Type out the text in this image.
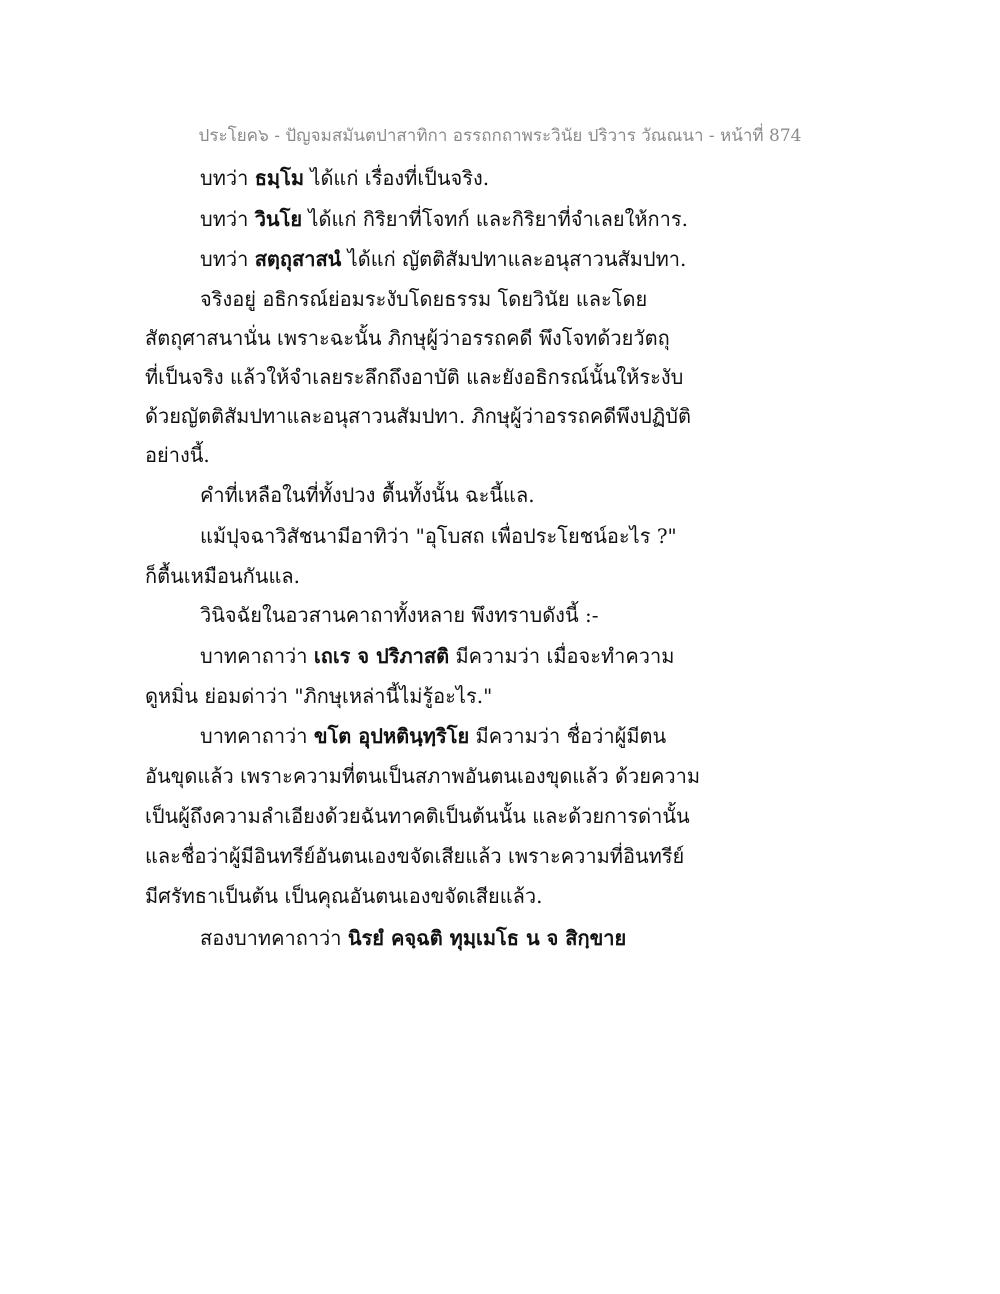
ประโยค๖ - ปัญจมสมันตปาสาทิกา อรรถกถาพระวินัย ปริวาร วัณณนา - หน้าที่ 874
บทว่า ธมฺโม ได้แก่ เรื่องที่เป็นจริง.
บทว่า วินโย ได้แก่ กิริยาที่โจทก์ และกิริยาที่จำเลยให้การ.
บทว่า สตฺถุสาสนํ ได้แก่ ญัตติสัมปทาและอนุสาวนสัมปทา.
จริงอยู่ อธิกรณ์ย่อมระงับโดยธรรม โดยวินัย และโดย
สัตถุศาสนานั่น เพราะฉะนั้น ภิกษุผู้ว่าอรรถคดี พึงโจทด้วยวัตถุ
ที่เป็นจริง แล้วให้จำเลยระลึกถึงอาบัติ และยังอธิกรณ์นั้นให้ระงับ
ด้วยญัตติสัมปทาและอนุสาวนสัมปทา. ภิกษุผู้ว่าอรรถคดีพึงปฏิบัติ
อย่างนี้.
คำที่เหลือในที่ทั้งปวง ตื้นทั้งนั้น ฉะนี้แล.
แม้ปุจฉาวิสัชนามีอาทิว่า "อุโบสถ เพื่อประโยชน์อะไร ?"
ก็ตื้นเหมือนกันแล.
วินิจฉัยในอวสานคาถาทั้งหลาย พึงทราบดังนี้ :-
บาทคาถาว่า เถเร จ ปริภาสติ มีความว่า เมื่อจะทำความ
ดูหมิ่น ย่อมด่าว่า "ภิกษุเหล่านี้ไม่รู้อะไร."
บาทคาถาว่า ขโต อุปหตินฺทฺริโย มีความว่า ชื่อว่าผู้มีตน
อันขุดแล้ว เพราะความที่ตนเป็นสภาพอันตนเองขุดแล้ว ด้วยความ
เป็นผู้ถึงความลำเอียงด้วยฉันทาคติเป็นต้นนั้น และด้วยการด่านั้น
และชื่อว่าผู้มีอินทรีย์อันตนเองขจัดเสียแล้ว เพราะความที่อินทรีย์
มีศรัทธาเป็นต้น เป็นคุณอันตนเองขจัดเสียแล้ว.
สองบาทคาถาว่า นิรยํ คจฺฉติ ทุมฺเมโธ น จ สิกฺขาย
